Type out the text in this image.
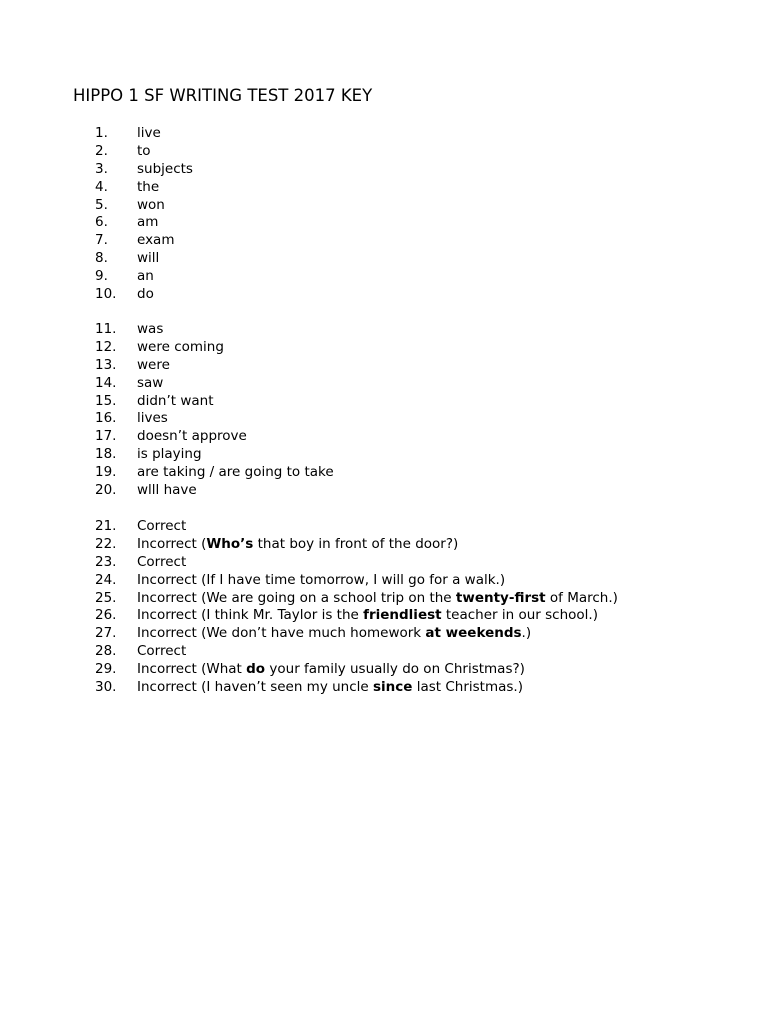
HIPPO 1 SF WRITING TEST 2017 KEY
1. live
2. to
3. subjects
4. the
5. won
6. am
7. exam
8. will
9. an
10. do
11. was
12. were coming
13. were
14. saw
15. didn’t want
16. lives
17. doesn’t approve
18. is playing
19. are taking / are going to take
20. wlll have
21. Correct
22. Incorrect (Who’s that boy in front of the door?)
23. Correct
24. Incorrect (If I have time tomorrow, I will go for a walk.)
25. Incorrect (We are going on a school trip on the twenty-first of March.)
26. Incorrect (I think Mr. Taylor is the friendliest teacher in our school.)
27. Incorrect (We don’t have much homework at weekends.)
28. Correct
29. Incorrect (What do your family usually do on Christmas?)
30. Incorrect (I haven’t seen my uncle since last Christmas.)
